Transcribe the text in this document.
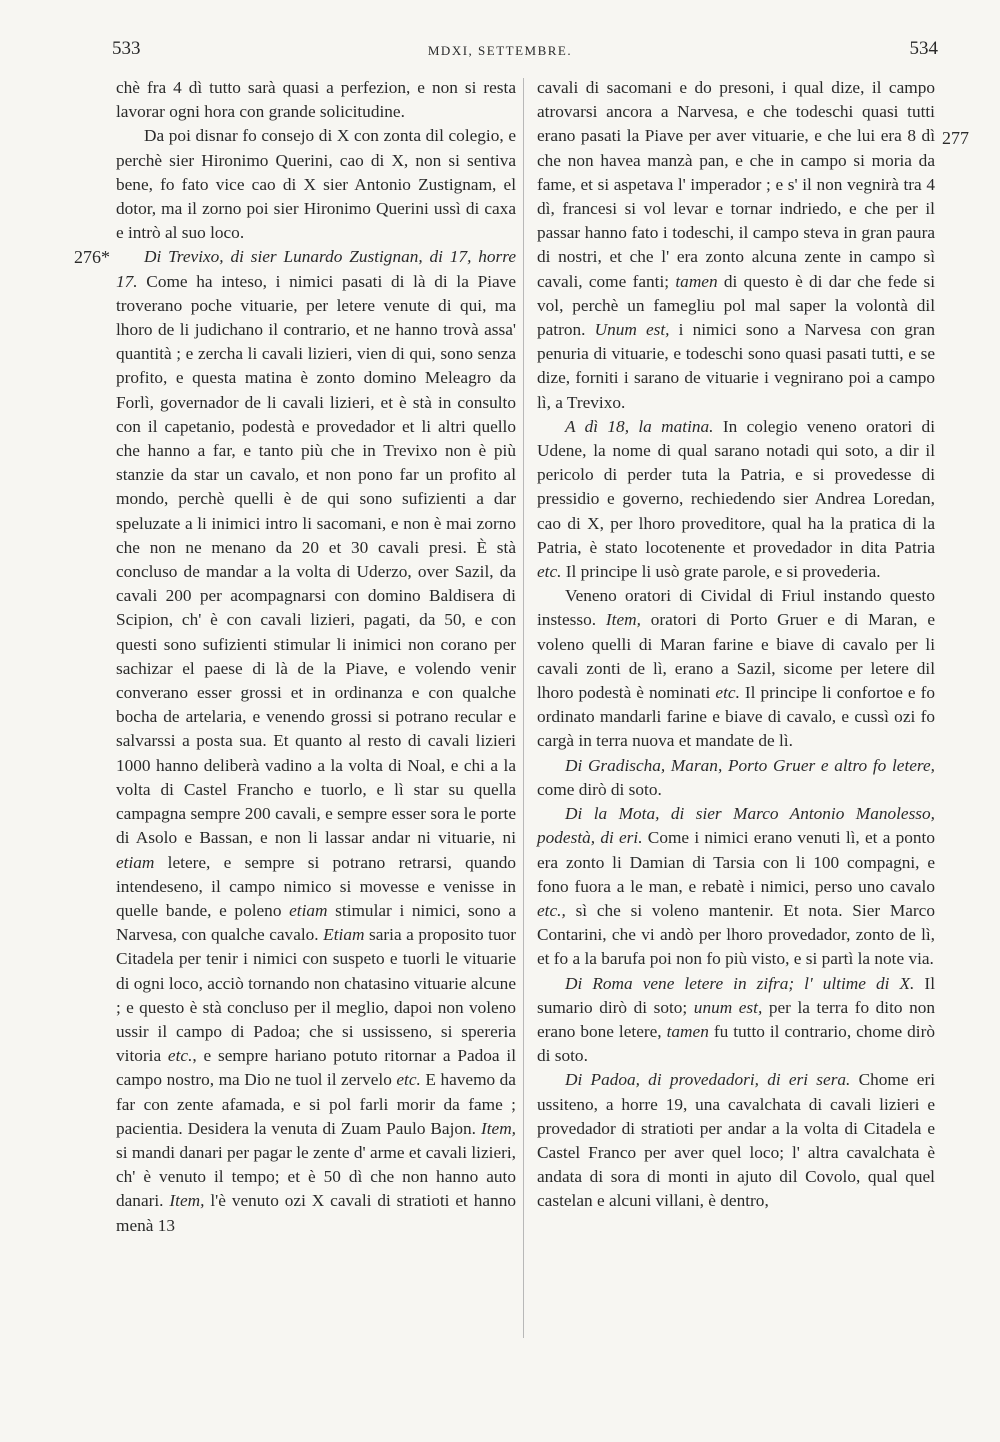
533	MDXI, SETTEMBRE.	534
276*
277

chè fra 4 dì tutto sarà quasi a perfezion, e non si resta lavorar ogni hora con grande solicitudine.

Da poi disnar fo consejo di X con zonta dil colegio, e perchè sier Hironimo Querini, cao di X, non si sentiva bene, fo fato vice cao di X sier Antonio Zustignam, el dotor, ma il zorno poi sier Hironimo Querini ussì di caxa e intrò al suo loco.

Di Trevixo, di sier Lunardo Zustignan, di 17, horre 17. Come ha inteso, i nimici pasati di là di la Piave troverano poche vituarie, per letere venute di qui, ma lhoro de li judichano il contrario, et ne hanno trovà assa' quantità ; e zercha li cavali lizieri, vien di qui, sono senza profito, e questa matina è zonto domino Meleagro da Forlì, governador de li cavali lizieri, et è stà in consulto con il capetanio, podestà e provedador et li altri quello che hanno a far, e tanto più che in Trevixo non è più stanzie da star un cavalo, et non pono far un profito al mondo, perchè quelli è de qui sono sufizienti a dar speluzate a li inimici intro li sacomani, e non è mai zorno che non ne menano da 20 et 30 cavali presi. È stà concluso de mandar a la volta di Uderzo, over Sazil, da cavali 200 per acompagnarsi con domino Baldisera di Scipion, ch' è con cavali lizieri, pagati, da 50, e con questi sono sufizienti stimular li inimici non corano per sachizar el paese di là de la Piave, e volendo venir converano esser grossi et in ordinanza e con qualche bocha de artelaria, e venendo grossi si potrano recular e salvarssi a posta sua. Et quanto al resto di cavali lizieri 1000 hanno deliberà vadino a la volta di Noal, e chi a la volta di Castel Francho e tuorlo, e lì star su quella campagna sempre 200 cavali, e sempre esser sora le porte di Asolo e Bassan, e non li lassar andar ni vituarie, ni etiam letere, e sempre si potrano retrarsi, quando intendeseno, il campo nimico si movesse e venisse in quelle bande, e poleno etiam stimular i nimici, sono a Narvesa, con qualche cavalo. Etiam saria a proposito tuor Citadela per tenir i nimici con suspeto e tuorli le vituarie di ogni loco, acciò tornando non chatasino vituarie alcune ; e questo è stà concluso per il meglio, dapoi non voleno ussir il campo di Padoa; che si ussisseno, si spereria vitoria etc., e sempre hariano potuto ritornar a Padoa il campo nostro, ma Dio ne tuol il zervelo etc. E havemo da far con zente afamada, e si pol farli morir da fame ; pacientia. Desidera la venuta di Zuam Paulo Bajon. Item, si mandi danari per pagar le zente d' arme et cavali lizieri, ch' è venuto il tempo; et è 50 dì che non hanno auto danari. Item, l'è venuto ozi X cavali di stratioti et hanno menà 13

cavali di sacomani e do presoni, i qual dize, il campo atrovarsi ancora a Narvesa, e che todeschi quasi tutti erano pasati la Piave per aver vituarie, e che lui era 8 dì che non havea manzà pan, e che in campo si moria da fame, et si aspetava l' imperador ; e s' il non vegnirà tra 4 dì, francesi si vol levar e tornar indriedo, e che per il passar hanno fato i todeschi, il campo steva in gran paura di nostri, et che l' era zonto alcuna zente in campo sì cavali, come fanti; tamen di questo è di dar che fede si vol, perchè un famegliu pol mal saper la volontà dil patron. Unum est, i nimici sono a Narvesa con gran penuria di vituarie, e todeschi sono quasi pasati tutti, e se dize, forniti i sarano de vituarie i vegnirano poi a campo lì, a Trevixo.

A dì 18, la matina. In colegio veneno oratori di Udene, la nome di qual sarano notadi qui soto, a dir il pericolo di perder tuta la Patria, e si provedesse di pressidio e governo, rechiedendo sier Andrea Loredan, cao di X, per lhoro proveditore, qual ha la pratica di la Patria, è stato locotenente et provedador in dita Patria etc. Il principe li usò grate parole, e si provederia.

Veneno oratori di Cividal di Friul instando questo instesso. Item, oratori di Porto Gruer e di Maran, e voleno quelli di Maran farine e biave di cavalo per li cavali zonti de lì, erano a Sazil, sicome per letere dil lhoro podestà è nominati etc. Il principe li confortoe e fo ordinato mandarli farine e biave di cavalo, e cussì ozi fo cargà in terra nuova et mandate de lì.

Di Gradischa, Maran, Porto Gruer e altro fo letere, come dirò di soto.

Di la Mota, di sier Marco Antonio Manolesso, podestà, di eri. Come i nimici erano venuti lì, et a ponto era zonto li Damian di Tarsia con li 100 compagni, e fono fuora a le man, e rebatè i nimici, perso uno cavalo etc., sì che si voleno mantenir. Et nota. Sier Marco Contarini, che vi andò per lhoro provedador, zonto de lì, et fo a la barufa poi non fo più visto, e si partì la note via.

Di Roma vene letere in zifra; l' ultime di X. Il sumario dirò di soto; unum est, per la terra fo dito non erano bone letere, tamen fu tutto il contrario, chome dirò di soto.

Di Padoa, di provedadori, di eri sera. Chome eri ussiteno, a horre 19, una cavalchata di cavali lizieri e provedador di stratioti per andar a la volta di Citadela e Castel Franco per aver quel loco; l' altra cavalchata è andata di sora di monti in ajuto dil Covolo, qual quel castelan e alcuni villani, è dentro,
